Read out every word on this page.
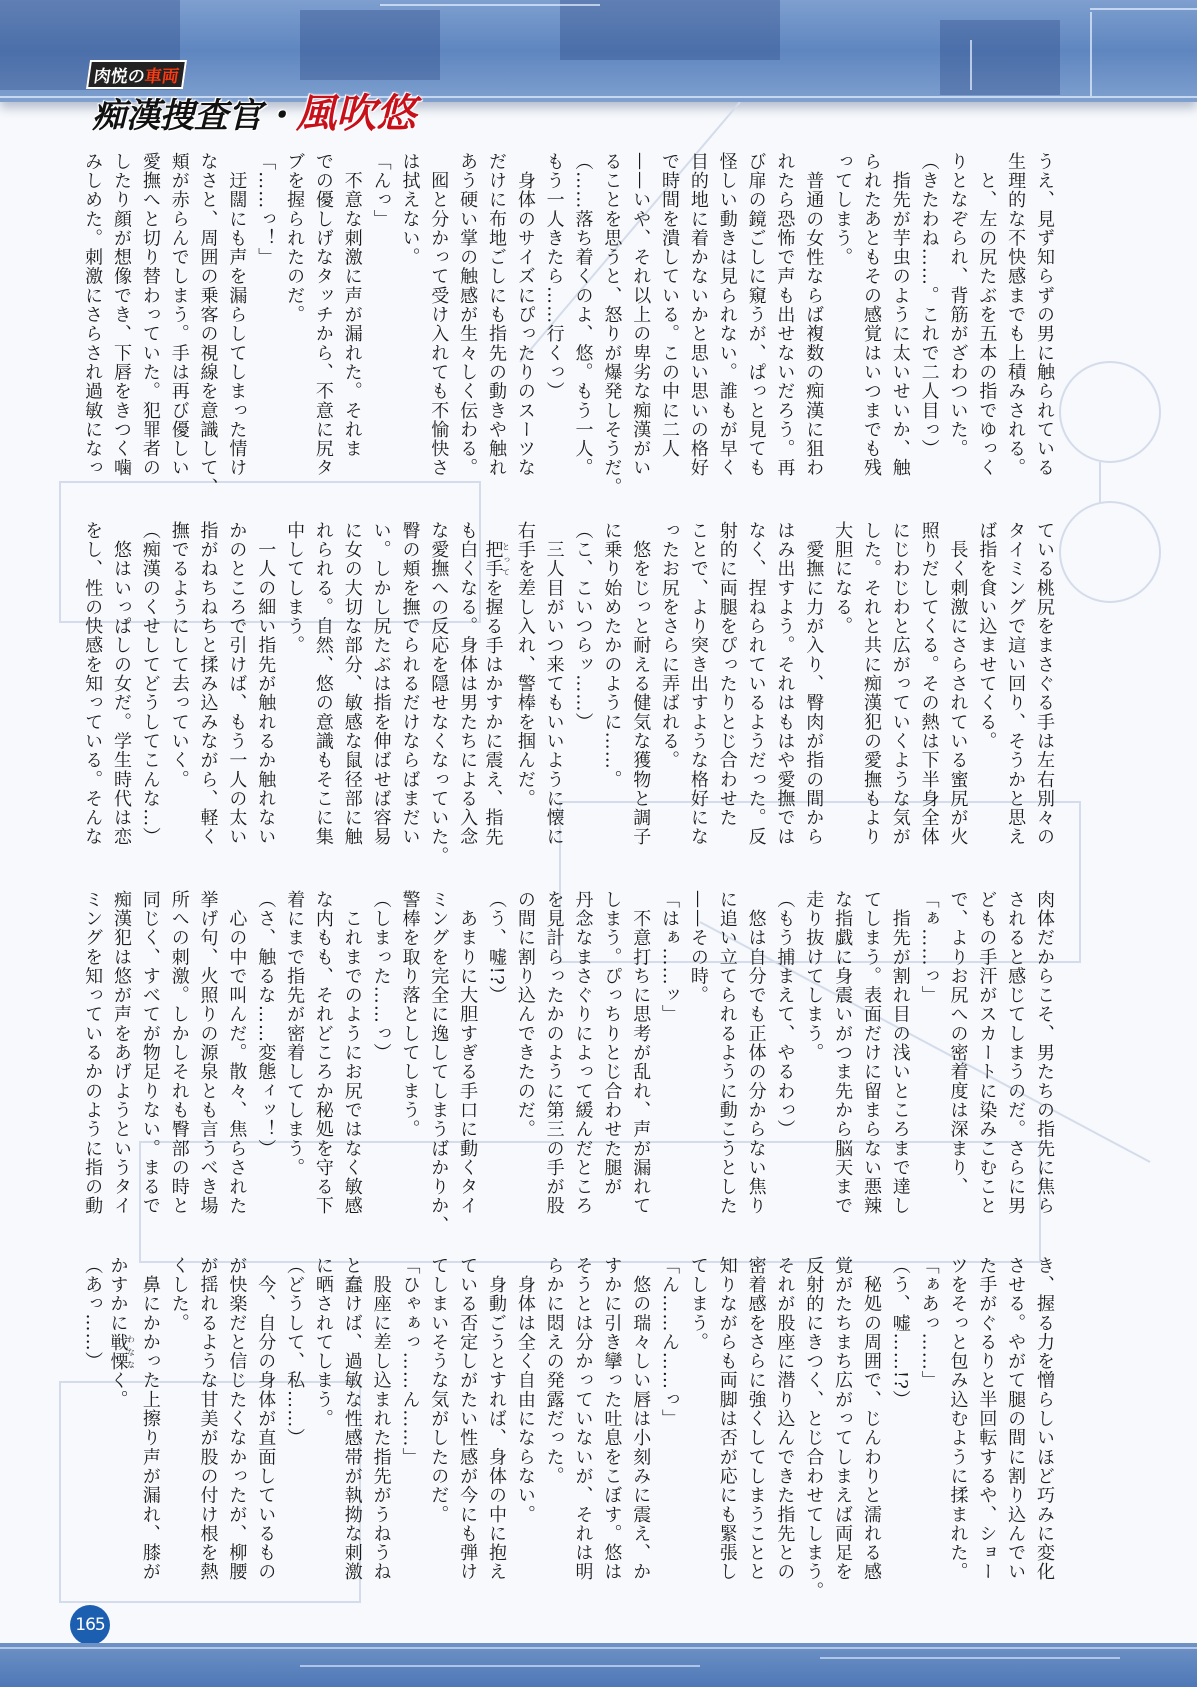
肉悦の車両
痴漢捜査官・風吹悠
うえ、見ず知らずの男に触られている
生理的な不快感までも上積みされる。
　と、左の尻たぶを五本の指でゆっく
りとなぞられ、背筋がざわついた。
（きたわね……。これで二人目っ）
　指先が芋虫のように太いせいか、触
られたあともその感覚はいつまでも残
ってしまう。
　普通の女性ならば複数の痴漢に狙わ
れたら恐怖で声も出せないだろう。再
び扉の鏡ごしに窺うが、ぱっと見ても
怪しい動きは見られない。誰もが早く
目的地に着かないかと思い思いの格好
で時間を潰している。この中に二人
——いや、それ以上の卑劣な痴漢がい
ることを思うと、怒りが爆発しそうだ。
（……落ち着くのよ、悠。もう一人。
もう一人きたら……行くっ）
　身体のサイズにぴったりのスーツな
だけに布地ごしにも指先の動きや触れ
あう硬い掌の触感が生々しく伝わる。
　囮と分かって受け入れても不愉快さ
は拭えない。
「んっ」
　不意な刺激に声が漏れた。それま
での優しげなタッチから、不意に尻タ
ブを握られたのだ。
「……っ！」
　迂闊にも声を漏らしてしまった情け
なさと、周囲の乗客の視線を意識して、
頬が赤らんでしまう。手は再び優しい
愛撫へと切り替わっていた。犯罪者の
したり顔が想像でき、下唇をきつく噛
みしめた。刺激にさらされ過敏になっ
ている桃尻をまさぐる手は左右別々の
タイミングで這い回り、そうかと思え
ば指を食い込ませてくる。
　長く刺激にさらされている蜜尻が火
照りだしてくる。その熱は下半身全体
にじわじわと広がっていくような気が
した。それと共に痴漢犯の愛撫もより
大胆になる。
　愛撫に力が入り、臀肉が指の間から
はみ出すよう。それはもはや愛撫では
なく、捏ねられているようだった。反
射的に両腿をぴったりとじ合わせた
ことで、より突き出すような格好にな
ったお尻をさらに弄ばれる。
　悠をじっと耐える健気な獲物と調子
に乗り始めたかのように……。
（こ、こいつらッ……）
　三人目がいつ来てもいいように懐に
右手を差し入れ、警棒を掴んだ。
　把手とってを握る手はかすかに震え、指先
も白くなる。身体は男たちによる入念
な愛撫への反応を隠せなくなっていた。
臀の頬を撫でられるだけならばまだい
い。しかし尻たぶは指を伸ばせば容易
に女の大切な部分、敏感な鼠径部に触
れられる。自然、悠の意識もそこに集
中してしまう。
　一人の細い指先が触れるか触れない
かのところで引けば、もう一人の太い
指がねちねちと揉み込みながら、軽く
撫でるようにして去っていく。
（痴漢のくせしてどうしてこんな…）
　悠はいっぱしの女だ。学生時代は恋
をし、性の快感を知っている。そんな
肉体だからこそ、男たちの指先に焦ら
されると感じてしまうのだ。さらに男
どもの手汗がスカートに染みこむこと
で、よりお尻への密着度は深まり、
「ぁ……っ」
　指先が割れ目の浅いところまで達し
てしまう。表面だけに留まらない悪辣
な指戯に身震いがつま先から脳天まで
走り抜けてしまう。
（もう捕まえて、やるわっ）
　悠は自分でも正体の分からない焦り
に追い立てられるように動こうとした
——その時。
「はぁ……ッ」
　不意打ちに思考が乱れ、声が漏れて
しまう。ぴっちりとじ合わせた腿が
丹念なまさぐりによって緩んだところ
を見計らったかのように第三の手が股
の間に割り込んできたのだ。
（う、嘘!?）
　あまりに大胆すぎる手口に動くタイ
ミングを完全に逸してしまうばかりか、
警棒を取り落としてしまう。
（しまった……っ）
　これまでのようにお尻ではなく敏感
な内もも、それどころか秘処を守る下
着にまで指先が密着してしまう。
（さ、触るな……変態ィッ！）
　心の中で叫んだ。散々、焦らされた
挙げ句、火照りの源泉とも言うべき場
所への刺激。しかしそれも臀部の時と
同じく、すべてが物足りない。まるで
痴漢犯は悠が声をあげようというタイ
ミングを知っているかのように指の動
き、握る力を憎らしいほど巧みに変化
させる。やがて腿の間に割り込んでい
た手がぐるりと半回転するや、ショー
ツをそっと包み込むように揉まれた。
「ぁあっ……」
（う、嘘……!?）
　秘処の周囲で、じんわりと濡れる感
覚がたちまち広がってしまえば両足を
反射的にきつく、とじ合わせてしまう。
それが股座に潜り込んできた指先との
密着感をさらに強くしてしまうことと
知りながらも両脚は否が応にも緊張し
てしまう。
「ん……ん……っ」
　悠の瑞々しい唇は小刻みに震え、か
すかに引き攣った吐息をこぼす。悠は
そうとは分かっていないが、それは明
らかに悶えの発露だった。
　身体は全く自由にならない。
　身動ごうとすれば、身体の中に抱え
ている否定しがたい性感が今にも弾け
てしまいそうな気がしたのだ。
「ひゃぁっ……ん……」
　股座に差し込まれた指先がうねうね
と蠢けば、過敏な性感帯が執拗な刺激
に晒されてしまう。
（どうして、私……）
　今、自分の身体が直面しているもの
が快楽だと信じたくなかったが、柳腰
が揺れるような甘美が股の付け根を熱
くした。
　鼻にかかった上擦り声が漏れ、膝が
かすかに戦慄わななく。
（あっ……）
165
